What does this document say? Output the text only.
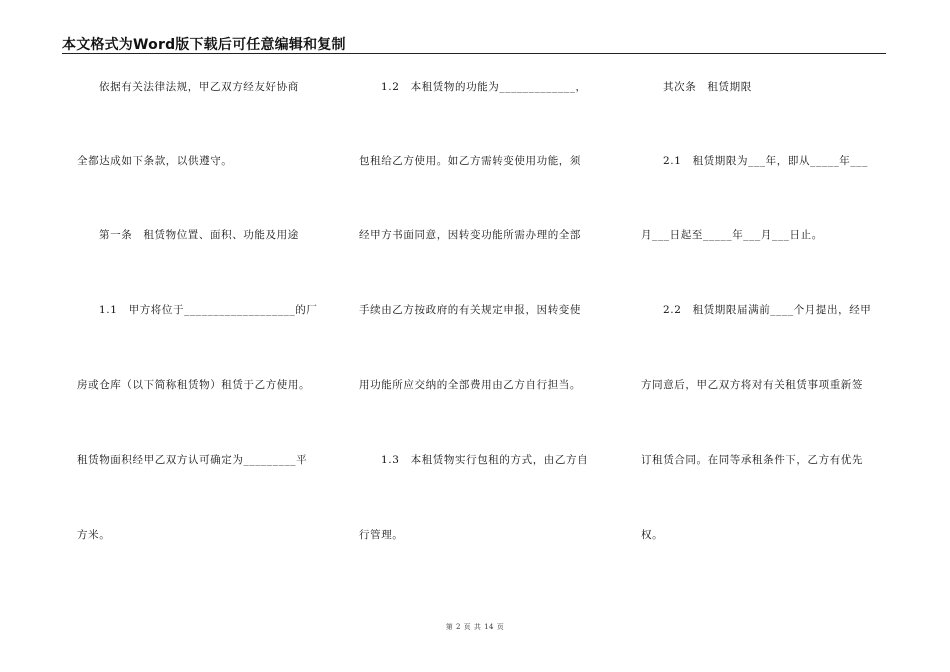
本文格式为Word版下载后可任意编辑和复制
依据有关法律法规，甲乙双方经友好协商
全都达成如下条款，以供遵守。
第一条　租赁物位置、面积、功能及用途
1.1　甲方将位于___________________的厂
房或仓库（以下简称租赁物）租赁于乙方使用。
租赁物面积经甲乙双方认可确定为_________平
方米。
1.2　本租赁物的功能为_____________，
包租给乙方使用。如乙方需转变使用功能，须
经甲方书面同意，因转变功能所需办理的全部
手续由乙方按政府的有关规定申报，因转变使
用功能所应交纳的全部费用由乙方自行担当。
1.3　本租赁物实行包租的方式，由乙方自
行管理。
其次条　租赁期限
2.1　租赁期限为___年，即从_____年___
月___日起至_____年___月___日止。
2.2　租赁期限届满前____个月提出，经甲
方同意后，甲乙双方将对有关租赁事项重新签
订租赁合同。在同等承租条件下，乙方有优先
权。
第 2 页 共 14 页
